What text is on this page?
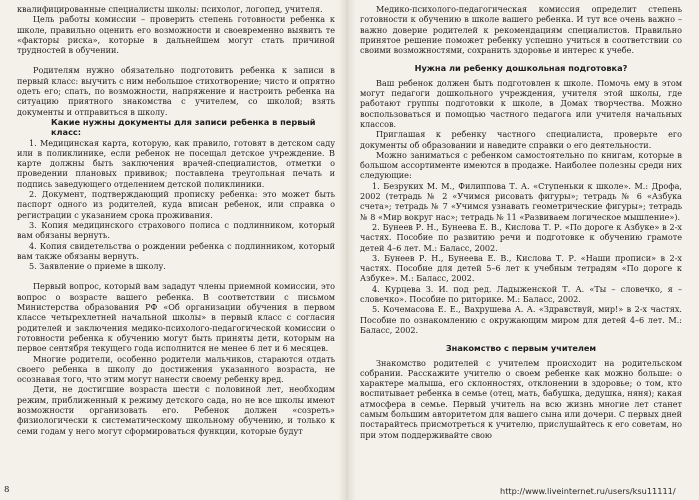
квалифицированные специалисты школы: психолог, логопед, учителя.

Цель работы комиссии – проверить степень готовности ребенка к школе, правильно оценить его возможности и своевременно выявить те «факторы риска», которые в дальнейшем могут стать причиной трудностей в обучении.

Родителям нужно обязательно подготовить ребенка к записи в первый класс: выучить с ним небольшое стихотворение; чисто и опрятно одеть его; спать, по возможности, напряжение и настроить ребенка на ситуацию приятного знакомства с учителем, со школой; взять документы и отправиться в школу.

Какие нужны документы для записи ребенка в первый класс:

1. Медицинская карта, которую, как правило, готовят в детском саду или в поликлинике, если ребенок не посещал детское учреждение. В карте должны быть заключения врачей-специалистов, отметки о проведении плановых прививок; поставлена треугольная печать и подпись заведующего отделением детской поликлиники.

2. Документ, подтверждающий прописку ребенка: это может быть паспорт одного из родителей, куда вписан ребенок, или справка о регистрации с указанием срока проживания.

3. Копия медицинского страхового полиса с подлинником, который вам обязаны вернуть.

4. Копия свидетельства о рождении ребенка с подлинником, который вам также обязаны вернуть.

5. Заявление о приеме в школу.

Первый вопрос, который вам зададут члены приемной комиссии, это вопрос о возрасте вашего ребенка. В соответствии с письмом Министерства образования РФ «Об организации обучения в первом классе четырехлетней начальной школы» в первый класс с согласия родителей и заключения медико-психолого-педагогической комиссии о готовности ребенка к обучению могут быть приняты дети, которым на первое сентября текущего года исполнится не менее 6 лет и 6 месяцев.

Многие родители, особенно родители мальчиков, стараются отдать своего ребенка в школу до достижения указанного возраста, не осознавая того, что этим могут нанести своему ребенку вред.

Дети, не достигшие возраста шести с половиной лет, необходим режим, приближенный к режиму детского сада, но не все школы имеют возможности организовать его. Ребенок должен «созреть» физиологически к систематическому школьному обучению, и только к семи годам у него могут сформироваться функции, которые будут

8

Медико-психолого-педагогическая комиссия определит степень готовности к обучению в школе вашего ребенка. И тут все очень важно – важно доверие родителей к рекомендациям специалистов. Правильно принятое решение поможет ребенку успешно учиться в соответствии со своими возможностями, сохранить здоровье и интерес к учебе.

Нужна ли ребенку дошкольная подготовка?

Ваш ребенок должен быть подготовлен к школе. Помочь ему в этом могут педагоги дошкольного учреждения, учителя этой школы, где работают группы подготовки к школе, в Домах творчества. Можно воспользоваться и помощью частного педагога или учителя начальных классов.

Приглашая к ребенку частного специалиста, проверьте его документы об образовании и наведите справки о его деятельности.

Можно заниматься с ребенком самостоятельно по книгам, которые в большом ассортименте имеются в продаже. Наиболее полезны среди них следующие:

1. Безруких М. М., Филиппова Т. А. «Ступеньки к школе». М.: Дрофа, 2002 (тетрадь № 2 «Учимся рисовать фигуры»; тетрадь № 6 «Азбука счета»; тетрадь № 7 «Учимся узнавать геометрические фигуры»; тетрадь № 8 «Мир вокруг нас»; тетрадь № 11 «Развиваем логическое мышление»).

2. Бунеев Р. Н., Бунеева Е. В., Кислова Т. Р. «По дороге к Азбуке» в 2-х частях. Пособие по развитию речи и подготовке к обучению грамоте детей 4–6 лет. М.: Баласс, 2002.

3. Бунеев Р. Н., Бунеева Е. В., Кислова Т. Р. «Наши прописи» в 2-х частях. Пособие для детей 5–6 лет к учебным тетрадям «По дороге к Азбуке». М.: Баласс, 2002.

4. Курцева З. И. под ред. Ладыженской Т. А. «Ты – словечко, я – словечко». Пособие по риторике. М.: Баласс, 2002.

5. Кочемасова Е. Е., Вахрушева А. А. «Здравствуй, мир!» в 2-х частях. Пособие по ознакомлению с окружающим миром для детей 4–6 лет. М.: Баласс, 2002.

Знакомство с первым учителем

Знакомство родителей с учителем происходит на родительском собрании. Расскажите учителю о своем ребенке как можно больше: о характере малыша, его склонностях, отклонении в здоровье; о том, кто воспитывает ребенка в семье (отец, мать, бабушка, дедушка, няня); какая атмосфера в семье. Первый учитель на всю жизнь многие лет станет самым большим авторитетом для вашего сына или дочери. С первых дней постарайтесь присмотреться к учителю, прислушайтесь к его советам, но при этом поддерживайте свою

http://www.liveinternet.ru/users/ksu11111/
